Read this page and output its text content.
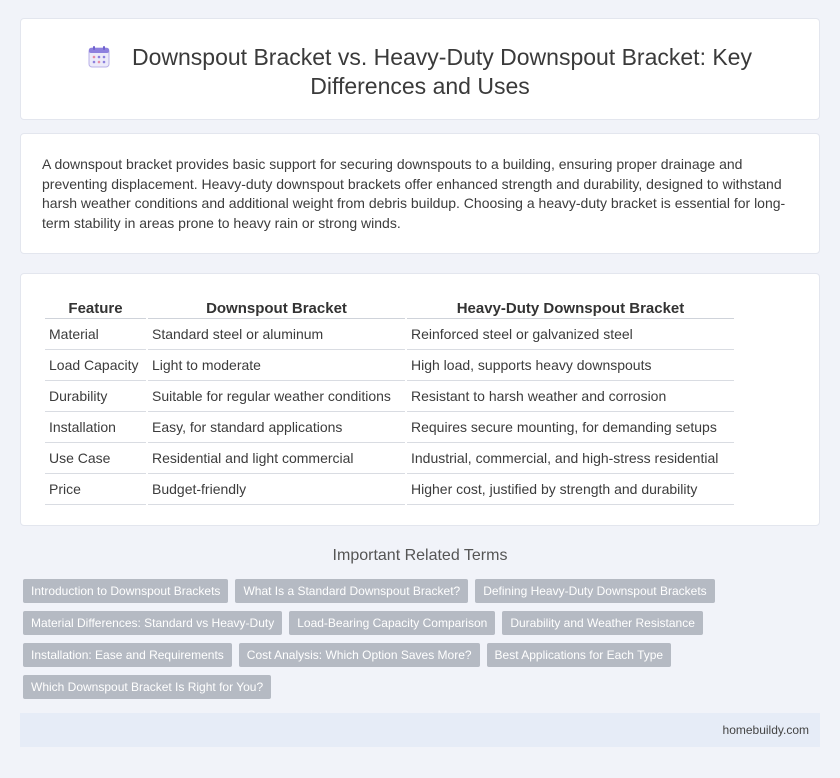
Downspout Bracket vs. Heavy-Duty Downspout Bracket: Key Differences and Uses

A downspout bracket provides basic support for securing downspouts to a building, ensuring proper drainage and preventing displacement. Heavy-duty downspout brackets offer enhanced strength and durability, designed to withstand harsh weather conditions and additional weight from debris buildup. Choosing a heavy-duty bracket is essential for long-term stability in areas prone to heavy rain or strong winds.

Feature	Downspout Bracket	Heavy-Duty Downspout Bracket
Material	Standard steel or aluminum	Reinforced steel or galvanized steel
Load Capacity	Light to moderate	High load, supports heavy downspouts
Durability	Suitable for regular weather conditions	Resistant to harsh weather and corrosion
Installation	Easy, for standard applications	Requires secure mounting, for demanding setups
Use Case	Residential and light commercial	Industrial, commercial, and high-stress residential
Price	Budget-friendly	Higher cost, justified by strength and durability
Important Related Terms
Introduction to Downspout Brackets	What Is a Standard Downspout Bracket?	Defining Heavy-Duty Downspout Brackets
Material Differences: Standard vs Heavy-Duty	Load-Bearing Capacity Comparison	Durability and Weather Resistance
Installation: Ease and Requirements	Cost Analysis: Which Option Saves More?	Best Applications for Each Type
Which Downspout Bracket Is Right for You?
homebuildy.com
